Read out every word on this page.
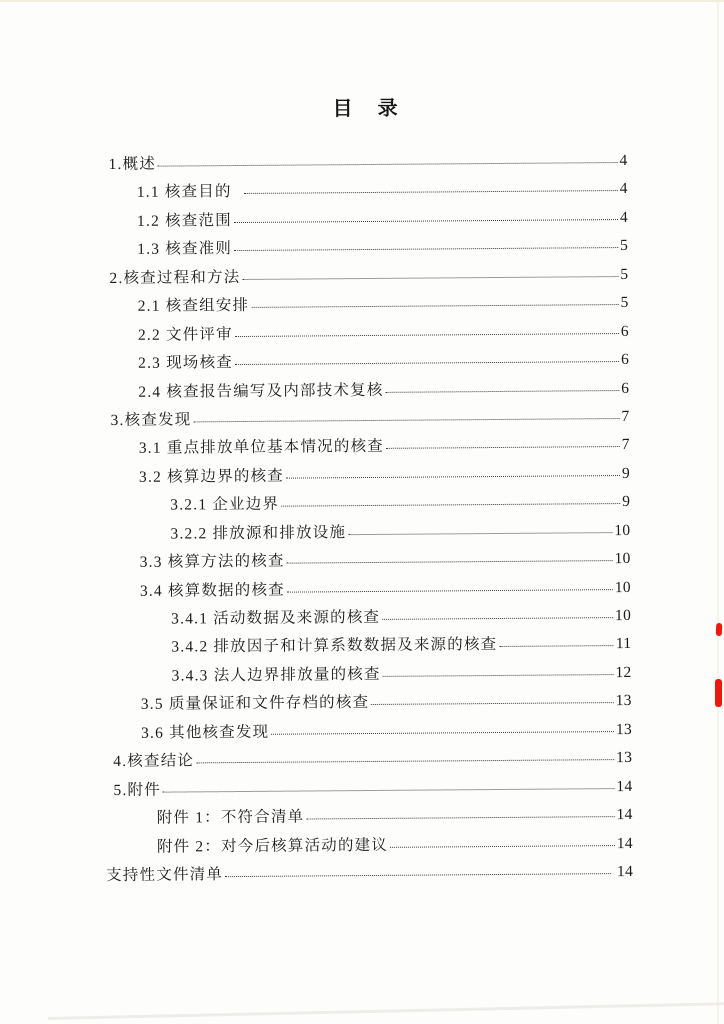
目  录
1.概述	4
1.1 核查目的	4
1.2 核查范围	4
1.3 核查准则	5
2.核查过程和方法	5
2.1 核查组安排	5
2.2 文件评审	6
2.3 现场核查	6
2.4 核查报告编写及内部技术复核	6
3.核查发现	7
3.1 重点排放单位基本情况的核查	7
3.2 核算边界的核查	9
3.2.1 企业边界	9
3.2.2 排放源和排放设施	10
3.3 核算方法的核查	10
3.4 核算数据的核查	10
3.4.1 活动数据及来源的核查	10
3.4.2 排放因子和计算系数数据及来源的核查	11
3.4.3 法人边界排放量的核查	12
3.5 质量保证和文件存档的核查	13
3.6 其他核查发现	13
4.核查结论	13
5.附件	14
附件 1：不符合清单	14
附件 2：对今后核算活动的建议	14
支持性文件清单	14
